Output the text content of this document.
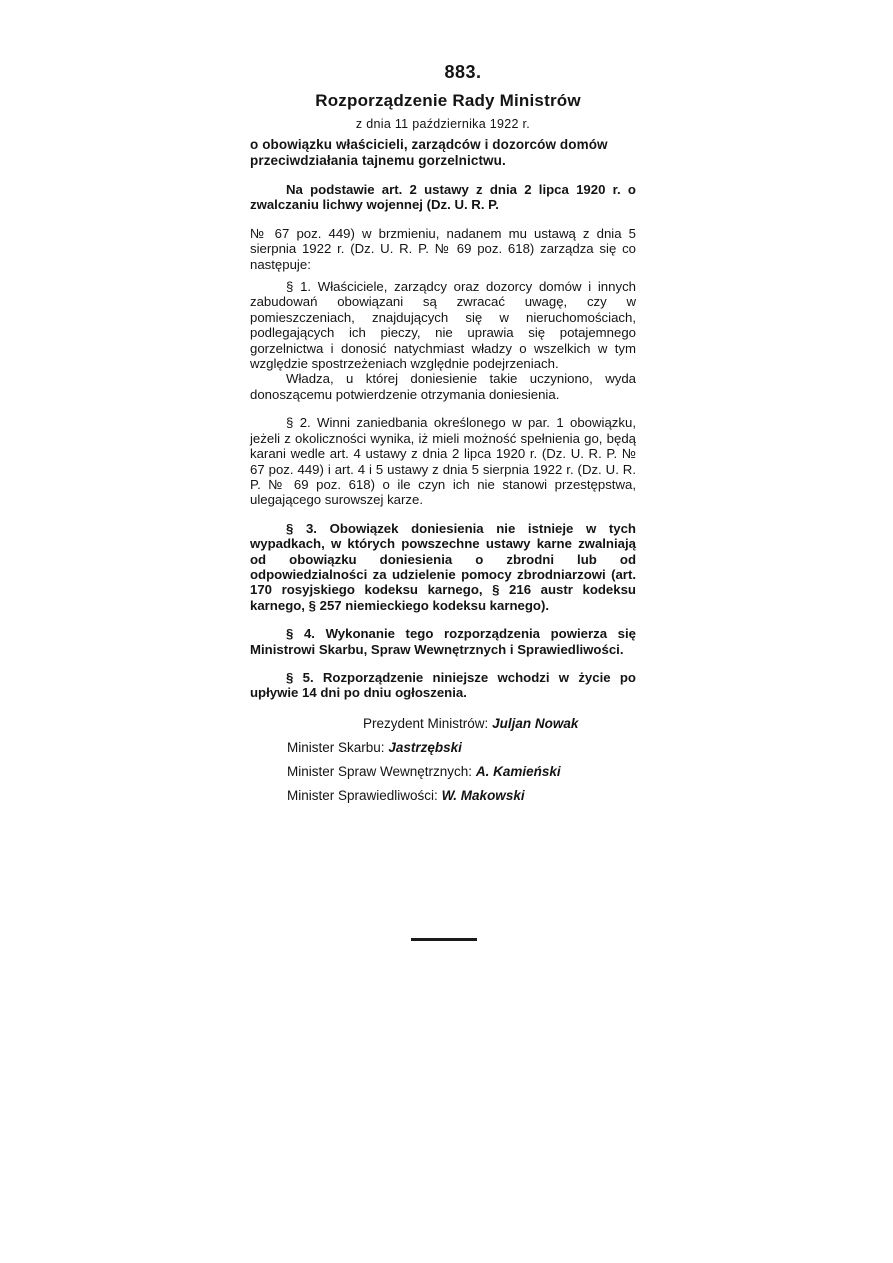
883.
Rozporządzenie Rady Ministrów
z dnia 11 października 1922 r.
o obowiązku właścicieli, zarządców i dozorców domów przeciwdziałania tajnemu gorzelnictwu.

Na podstawie art. 2 ustawy z dnia 2 lipca 1920 r. o zwalczaniu lichwy wojennej (Dz. U. R. P.

№ 67 poz. 449) w brzmieniu, nadanem mu ustawą z dnia 5 sierpnia 1922 r. (Dz. U. R. P. № 69 poz. 618) zarządza się co następuje:

§ 1. Właściciele, zarządcy oraz dozorcy domów i innych zabudowań obowiązani są zwracać uwagę, czy w pomieszczeniach, znajdujących się w nieruchomościach, podlegających ich pieczy, nie uprawia się potajemnego gorzelnictwa i donosić natychmiast władzy o wszelkich w tym względzie spostrzeżeniach względnie podejrzeniach.

Władza, u której doniesienie takie uczyniono, wyda donoszącemu potwierdzenie otrzymania doniesienia.

§ 2. Winni zaniedbania określonego w par. 1 obowiązku, jeżeli z okoliczności wynika, iż mieli możność spełnienia go, będą karani wedle art. 4 ustawy z dnia 2 lipca 1920 r. (Dz. U. R. P. № 67 poz. 449) i art. 4 i 5 ustawy z dnia 5 sierpnia 1922 r. (Dz. U. R. P. № 69 poz. 618) o ile czyn ich nie stanowi przestępstwa, ulegającego surowszej karze.

§ 3. Obowiązek doniesienia nie istnieje w tych wypadkach, w których powszechne ustawy karne zwalniają od obowiązku doniesienia o zbrodni lub od odpowiedzialności za udzielenie pomocy zbrodniarzowi (art. 170 rosyjskiego kodeksu karnego, § 216 austr kodeksu karnego, § 257 niemieckiego kodeksu karnego).

§ 4. Wykonanie tego rozporządzenia powierza się Ministrowi Skarbu, Spraw Wewnętrznych i Sprawiedliwości.

§ 5. Rozporządzenie niniejsze wchodzi w życie po upływie 14 dni po dniu ogłoszenia.

Prezydent Ministrów: Juljan Nowak
Minister Skarbu: Jastrzębski
Minister Spraw Wewnętrznych: A. Kamieński
Minister Sprawiedliwości: W. Makowski
